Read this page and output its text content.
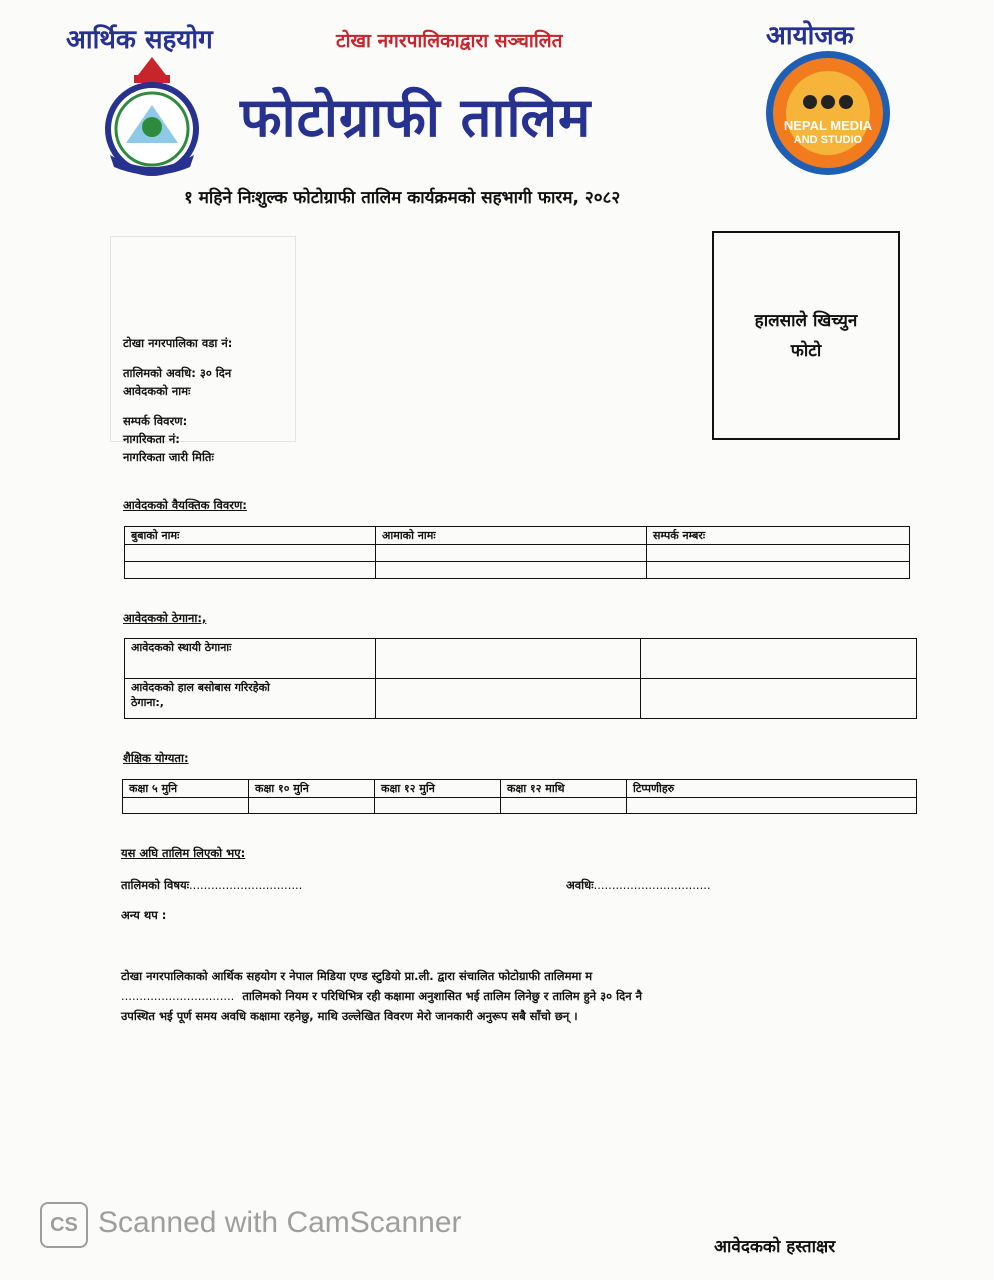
आर्थिक सहयोग	टोखा नगरपालिकाद्वारा सञ्चालित	आयोजक
फोटोग्राफी तालिम	NEPAL MEDIA
AND STUDIO
१ महिने निःशुल्क फोटोग्राफी तालिम कार्यक्रमको सहभागी फारम, २०८२
हालसाले खिच्युन
फोटो
टोखा नगरपालिका वडा नं:
तालिमको अवधि: ३० दिन
आवेदकको नामः
सम्पर्क विवरण:
नागरिकता नं:
नागरिकता जारी मितिः
आवेदकको वैयक्तिक विवरण:
बुबाको नामः	आमाको नामः	सम्पर्क नम्बरः

आवेदकको ठेगाना:,
आवेदकको स्थायी ठेगानाः		

आवेदकको हाल बसोबास गरिरहेको
ठेगाना:,		

शैक्षिक योग्यता:
कक्षा ५ मुनि	कक्षा १० मुनि	कक्षा १२ मुनि	कक्षा १२ माथि	टिप्पणीहरु

यस अघि तालिम लिएको भए:
तालिमको विषयः...............................	अवधिः................................
अन्य थप :
टोखा नगरपालिकाको आर्थिक सहयोग र नेपाल मिडिया एण्ड स्टुडियो प्रा.ली. द्वारा संचालित फोटोग्राफी तालिममा म
............................... तालिमको नियम र परिधिभित्र रही कक्षामा अनुशासित भई तालिम लिनेछु र तालिम हुने ३० दिन नै
उपस्थित भई पूर्ण समय अवधि कक्षामा रहनेछु, माथि उल्लेखित विवरण मेरो जानकारी अनुरूप सबै साँचो छन् ।
CS Scanned with CamScanner
आवेदकको हस्ताक्षर
